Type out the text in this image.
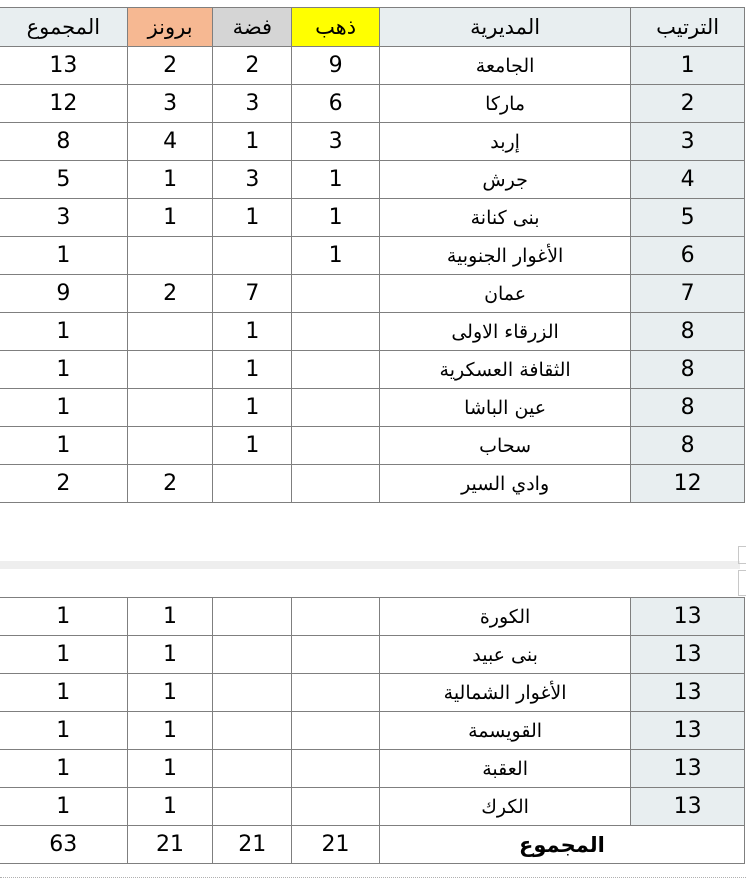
المجموع	برونز	فضة	ذهب	المديرية	الترتيب
13	2	2	9	الجامعة	1
12	3	3	6	ماركا	2
8	4	1	3	إربد	3
5	1	3	1	جرش	4
3	1	1	1	بنى كنانة	5
1			1	الأغوار الجنوبية	6
9	2	7		عمان	7
1		1		الزرقاء الاولى	8
1		1		الثقافة العسكرية	8
1		1		عين الباشا	8
1		1		سحاب	8
2	2			وادي السير	12
1	1			الكورة	13
1	1			بنى عبيد	13
1	1			الأغوار الشمالية	13
1	1			القويسمة	13
1	1			العقبة	13
1	1			الكرك	13
63	21	21	21	المجموع	
